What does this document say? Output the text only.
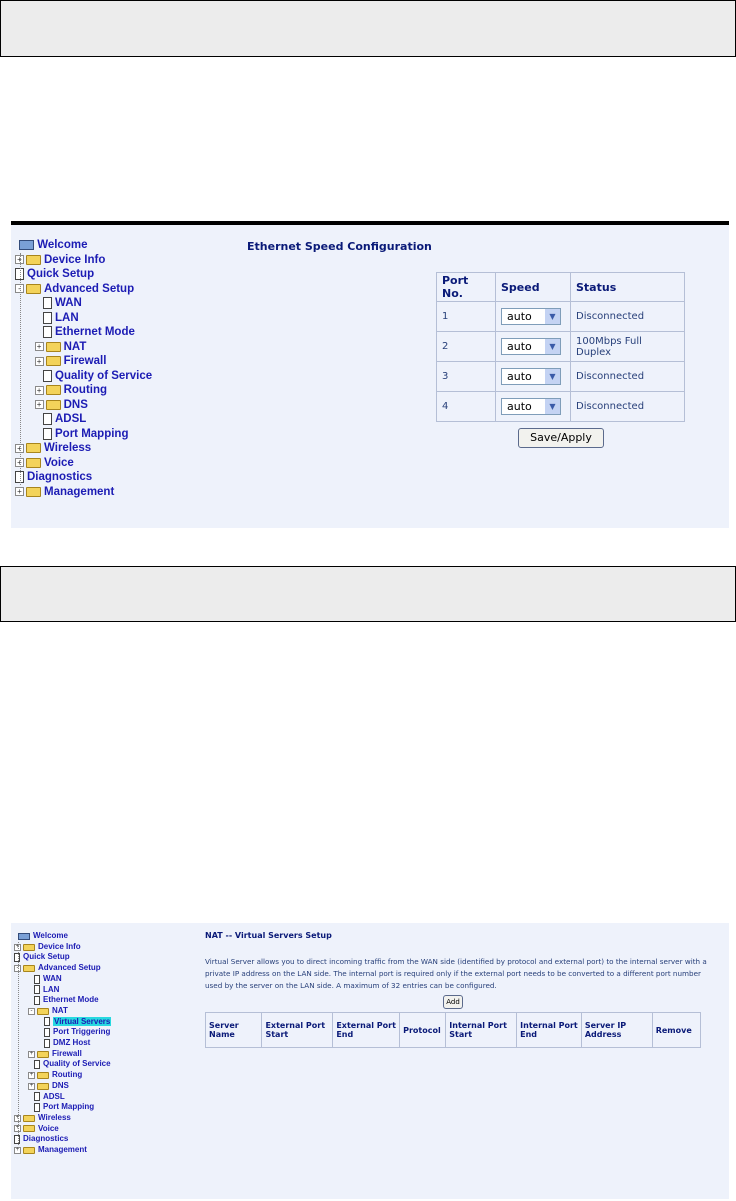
Welcome
+ Device Info
Quick Setup
- Advanced Setup
WAN
LAN
Ethernet Mode
+ NAT
+ Firewall
Quality of Service
+ Routing
+ DNS
ADSL
Port Mapping
+ Wireless
+ Voice
Diagnostics
+ Management
Ethernet Speed Configuration
Port No.	Speed	Status
1	auto ▼	Disconnected
2	auto ▼	100Mbps Full Duplex
3	auto ▼	Disconnected
4	auto ▼	Disconnected
Save/Apply
Welcome
+ Device Info
Quick Setup
- Advanced Setup
WAN
LAN
Ethernet Mode
- NAT
Virtual Servers
Port Triggering
DMZ Host
+ Firewall
Quality of Service
+ Routing
+ DNS
ADSL
Port Mapping
+ Wireless
+ Voice
Diagnostics
+ Management
NAT -- Virtual Servers Setup
Virtual Server allows you to direct incoming traffic from the WAN side (identified by protocol and external port) to the internal server with a private IP address on the LAN side. The internal port is required only if the external port needs to be converted to a different port number used by the server on the LAN side. A maximum of 32 entries can be configured.
Add
Server Name	External Port Start	External Port End	Protocol	Internal Port Start	Internal Port End	Server IP Address	Remove
